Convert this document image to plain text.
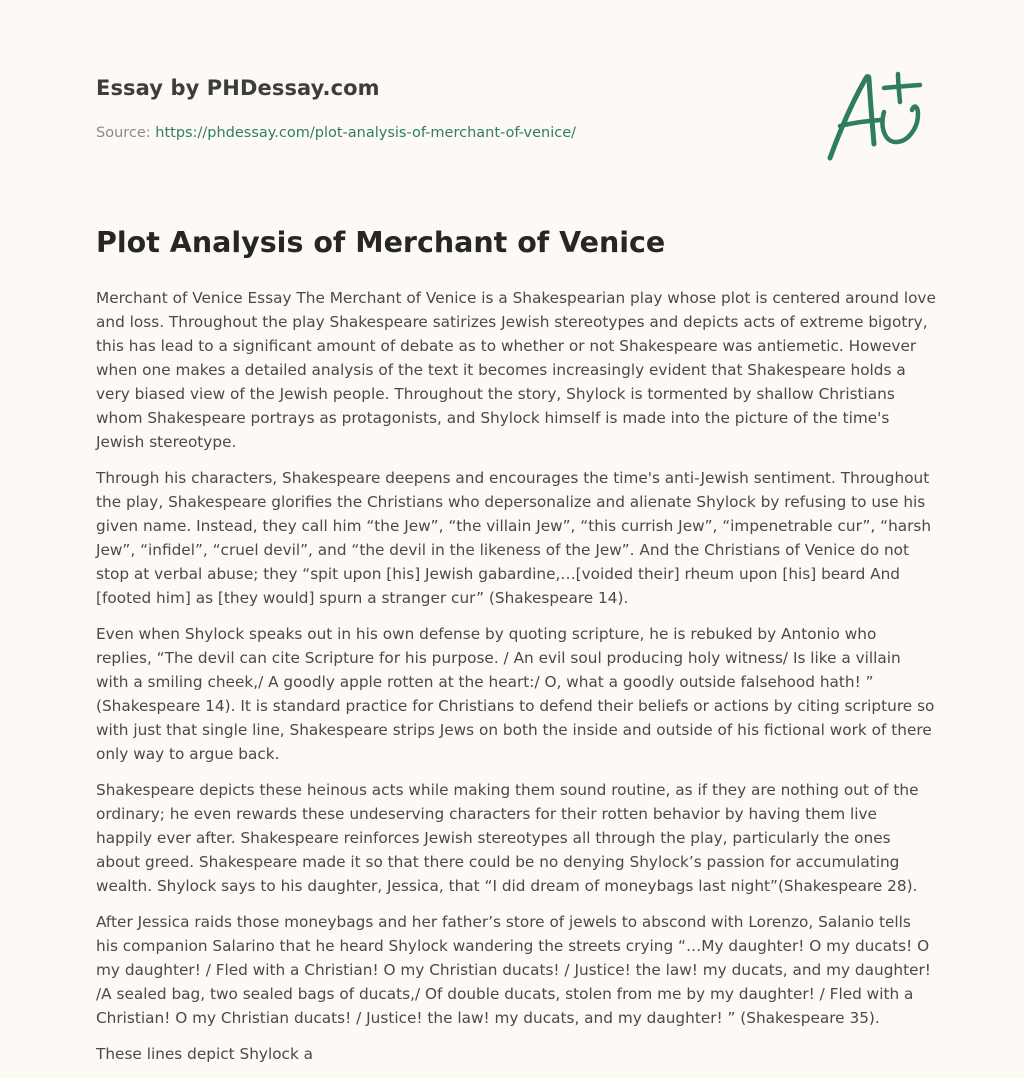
Essay by PHDessay.com

Source: https://phdessay.com/plot-analysis-of-merchant-of-venice/

Plot Analysis of Merchant of Venice

Merchant of Venice Essay The Merchant of Venice is a Shakespearian play whose plot is centered around love and loss. Throughout the play Shakespeare satirizes Jewish stereotypes and depicts acts of extreme bigotry, this has lead to a significant amount of debate as to whether or not Shakespeare was antiemetic. However when one makes a detailed analysis of the text it becomes increasingly evident that Shakespeare holds a very biased view of the Jewish people. Throughout the story, Shylock is tormented by shallow Christians whom Shakespeare portrays as protagonists, and Shylock himself is made into the picture of the time's Jewish stereotype.

Through his characters, Shakespeare deepens and encourages the time's anti-Jewish sentiment. Throughout the play, Shakespeare glorifies the Christians who depersonalize and alienate Shylock by refusing to use his given name. Instead, they call him “the Jew”, “the villain Jew”, “this currish Jew”, “impenetrable cur”, “harsh Jew”, “infidel”, “cruel devil”, and “the devil in the likeness of the Jew”. And the Christians of Venice do not stop at verbal abuse; they “spit upon [his] Jewish gabardine,…[voided their] rheum upon [his] beard And [footed him] as [they would] spurn a stranger cur” (Shakespeare 14).

Even when Shylock speaks out in his own defense by quoting scripture, he is rebuked by Antonio who replies, “The devil can cite Scripture for his purpose. / An evil soul producing holy witness/ Is like a villain with a smiling cheek,/ A goodly apple rotten at the heart:/ O, what a goodly outside falsehood hath! ” (Shakespeare 14). It is standard practice for Christians to defend their beliefs or actions by citing scripture so with just that single line, Shakespeare strips Jews on both the inside and outside of his fictional work of there only way to argue back.

Shakespeare depicts these heinous acts while making them sound routine, as if they are nothing out of the ordinary; he even rewards these undeserving characters for their rotten behavior by having them live happily ever after. Shakespeare reinforces Jewish stereotypes all through the play, particularly the ones about greed. Shakespeare made it so that there could be no denying Shylock’s passion for accumulating wealth. Shylock says to his daughter, Jessica, that “I did dream of moneybags last night”(Shakespeare 28).

After Jessica raids those moneybags and her father’s store of jewels to abscond with Lorenzo, Salanio tells his companion Salarino that he heard Shylock wandering the streets crying “…My daughter! O my ducats! O my daughter! / Fled with a Christian! O my Christian ducats! / Justice! the law! my ducats, and my daughter! /A sealed bag, two sealed bags of ducats,/ Of double ducats, stolen from me by my daughter! / Fled with a Christian! O my Christian ducats! / Justice! the law! my ducats, and my daughter! ” (Shakespeare 35).

These lines depict Shylock a
